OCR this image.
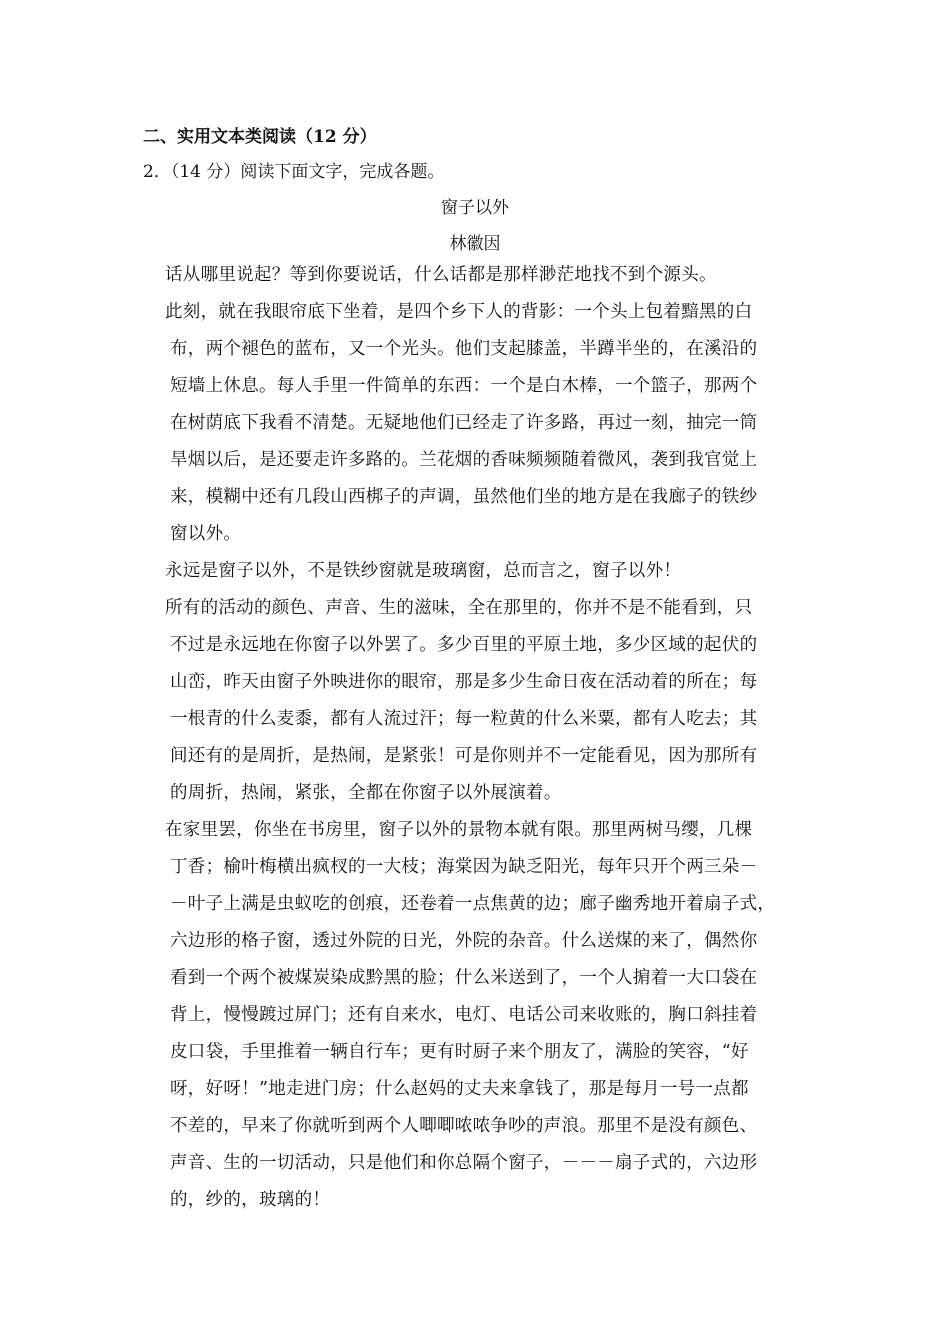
二、实用文本类阅读（12 分）
2．（14 分）阅读下面文字，完成各题。
窗子以外
林徽因
话从哪里说起？等到你要说话，什么话都是那样渺茫地找不到个源头。
此刻，就在我眼帘底下坐着，是四个乡下人的背影：一个头上包着黯黑的白
布，两个褪色的蓝布，又一个光头。他们支起膝盖，半蹲半坐的，在溪沿的
短墙上休息。每人手里一件简单的东西：一个是白木棒，一个篮子，那两个
在树荫底下我看不清楚。无疑地他们已经走了许多路，再过一刻，抽完一筒
旱烟以后，是还要走许多路的。兰花烟的香味频频随着微风，袭到我官觉上
来，模糊中还有几段山西梆子的声调，虽然他们坐的地方是在我廊子的铁纱
窗以外。
永远是窗子以外，不是铁纱窗就是玻璃窗，总而言之，窗子以外！
所有的活动的颜色、声音、生的滋味，全在那里的，你并不是不能看到，只
不过是永远地在你窗子以外罢了。多少百里的平原土地，多少区域的起伏的
山峦，昨天由窗子外映进你的眼帘，那是多少生命日夜在活动着的所在；每
一根青的什么麦黍，都有人流过汗；每一粒黄的什么米粟，都有人吃去；其
间还有的是周折，是热闹，是紧张！可是你则并不一定能看见，因为那所有
的周折，热闹，紧张，全都在你窗子以外展演着。
在家里罢，你坐在书房里，窗子以外的景物本就有限。那里两树马缨，几棵
丁香；榆叶梅横出疯杈的一大枝；海棠因为缺乏阳光，每年只开个两三朵－
－叶子上满是虫蚁吃的创痕，还卷着一点焦黄的边；廊子幽秀地开着扇子式，
六边形的格子窗，透过外院的日光，外院的杂音。什么送煤的来了，偶然你
看到一个两个被煤炭染成黔黑的脸；什么米送到了，一个人掮着一大口袋在
背上，慢慢踱过屏门；还有自来水，电灯、电话公司来收账的，胸口斜挂着
皮口袋，手里推着一辆自行车；更有时厨子来个朋友了，满脸的笑容，“好
呀，好呀！”地走进门房；什么赵妈的丈夫来拿钱了，那是每月一号一点都
不差的，早来了你就听到两个人唧唧哝哝争吵的声浪。那里不是没有颜色、
声音、生的一切活动，只是他们和你总隔个窗子，－－－扇子式的，六边形
的，纱的，玻璃的！
